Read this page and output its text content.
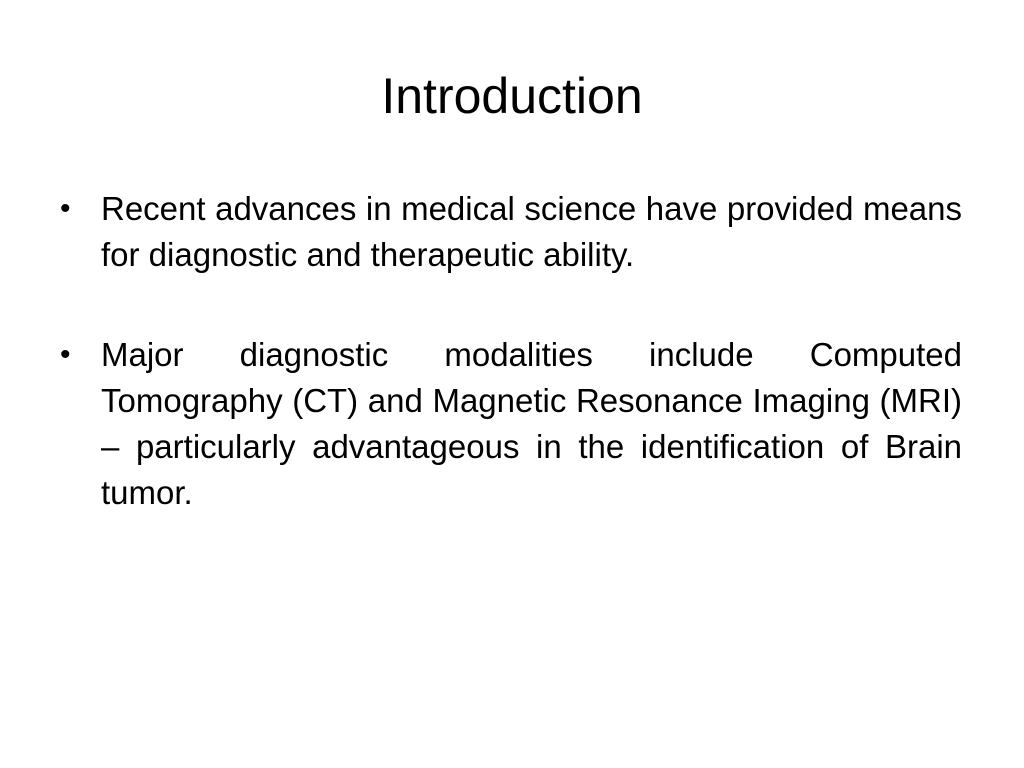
Introduction
• Recent advances in medical science have provided means for diagnostic and therapeutic ability.
• Major diagnostic modalities include Computed Tomography (CT) and Magnetic Resonance Imaging (MRI) – particularly advantageous in the identification of Brain tumor.
